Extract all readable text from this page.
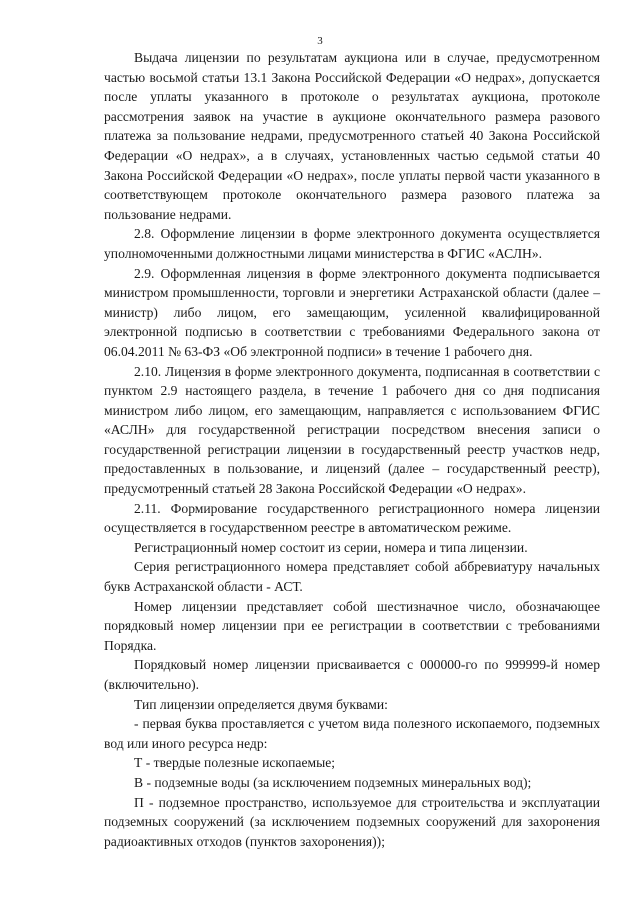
3

Выдача лицензии по результатам аукциона или в случае, предусмотренном частью восьмой статьи 13.1 Закона Российской Федерации «О недрах», допускается после уплаты указанного в протоколе о результатах аукциона, протоколе рассмотрения заявок на участие в аукционе окончательного размера разового платежа за пользование недрами, предусмотренного статьей 40 Закона Российской Федерации «О недрах», а в случаях, установленных частью седьмой статьи 40 Закона Российской Федерации «О недрах», после уплаты первой части указанного в соответствующем протоколе окончательного размера разового платежа за пользование недрами.

2.8. Оформление лицензии в форме электронного документа осуществляется уполномоченными должностными лицами министерства в ФГИС «АСЛН».

2.9. Оформленная лицензия в форме электронного документа подписывается министром промышленности, торговли и энергетики Астраханской области (далее – министр) либо лицом, его замещающим, усиленной квалифицированной электронной подписью в соответствии с требованиями Федерального закона от 06.04.2011 № 63-ФЗ «Об электронной подписи» в течение 1 рабочего дня.

2.10. Лицензия в форме электронного документа, подписанная в соответствии с пунктом 2.9 настоящего раздела, в течение 1 рабочего дня со дня подписания министром либо лицом, его замещающим, направляется с использованием ФГИС «АСЛН» для государственной регистрации посредством внесения записи о государственной регистрации лицензии в государственный реестр участков недр, предоставленных в пользование, и лицензий (далее – государственный реестр), предусмотренный статьей 28 Закона Российской Федерации «О недрах».

2.11. Формирование государственного регистрационного номера лицензии осуществляется в государственном реестре в автоматическом режиме.

Регистрационный номер состоит из серии, номера и типа лицензии.

Серия регистрационного номера представляет собой аббревиатуру начальных букв Астраханской области - АСТ.

Номер лицензии представляет собой шестизначное число, обозначающее порядковый номер лицензии при ее регистрации в соответствии с требованиями Порядка.

Порядковый номер лицензии присваивается с 000000-го по 999999-й номер (включительно).

Тип лицензии определяется двумя буквами:

- первая буква проставляется с учетом вида полезного ископаемого, подземных вод или иного ресурса недр:

Т - твердые полезные ископаемые;

В - подземные воды (за исключением подземных минеральных вод);

П - подземное пространство, используемое для строительства и эксплуатации подземных сооружений (за исключением подземных сооружений для захоронения радиоактивных отходов (пунктов захоронения));
